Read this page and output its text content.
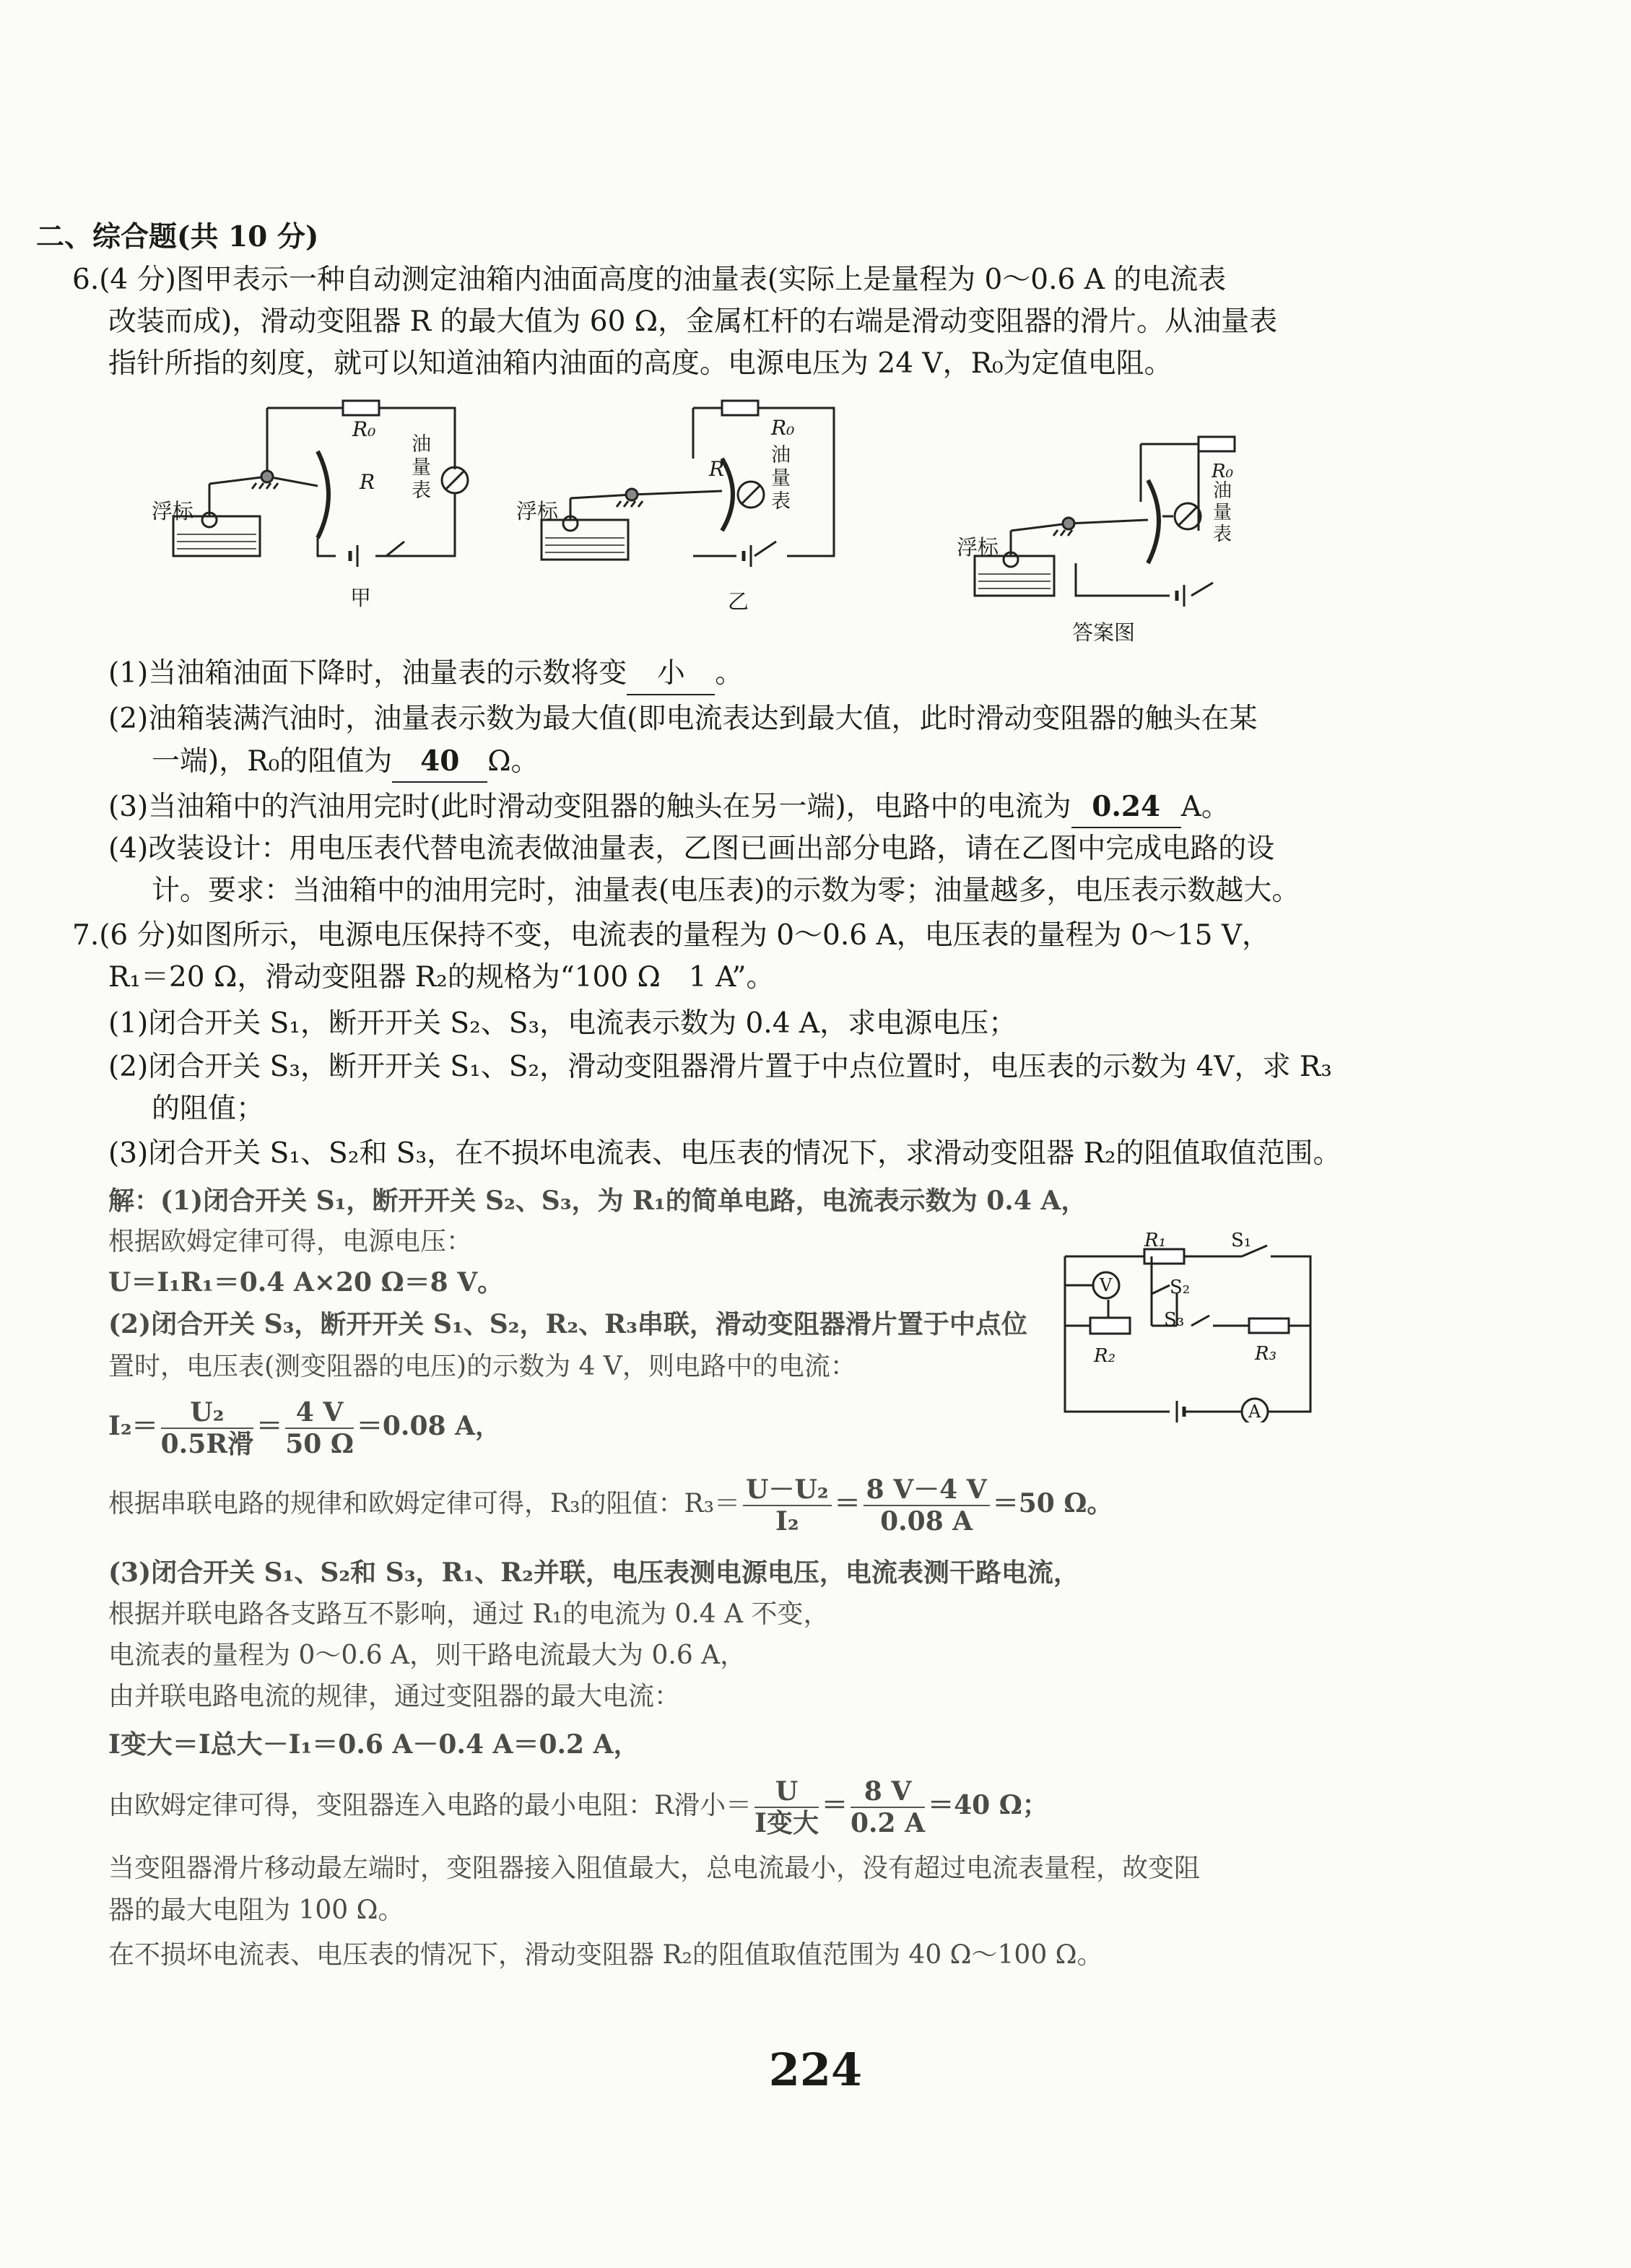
二、综合题(共 10 分)
6.(4 分)图甲表示一种自动测定油箱内油面高度的油量表(实际上是量程为 0～0.6 A 的电流表
改装而成)，滑动变阻器 R 的最大值为 60 Ω，金属杠杆的右端是滑动变阻器的滑片。从油量表
指针所指的刻度，就可以知道油箱内油面的高度。电源电压为 24 V，R₀为定值电阻。
R₀
R
油
量
表
浮标
甲
R₀
R
油
量
表
浮标
乙
R₀
油
量
表
浮标
答案图
(1)当油箱油面下降时，油量表的示数将变 小 。
(2)油箱装满汽油时，油量表示数为最大值(即电流表达到最大值，此时滑动变阻器的触头在某
一端)，R₀的阻值为 40 Ω。
(3)当油箱中的汽油用完时(此时滑动变阻器的触头在另一端)，电路中的电流为 0.24 A。
(4)改装设计：用电压表代替电流表做油量表，乙图已画出部分电路，请在乙图中完成电路的设
计。要求：当油箱中的油用完时，油量表(电压表)的示数为零；油量越多，电压表示数越大。
7.(6 分)如图所示，电源电压保持不变，电流表的量程为 0～0.6 A，电压表的量程为 0～15 V，
R₁＝20 Ω，滑动变阻器 R₂的规格为“100 Ω　1 A”。
(1)闭合开关 S₁，断开开关 S₂、S₃，电流表示数为 0.4 A，求电源电压；
(2)闭合开关 S₃，断开开关 S₁、S₂，滑动变阻器滑片置于中点位置时，电压表的示数为 4V，求 R₃
的阻值；
(3)闭合开关 S₁、S₂和 S₃，在不损坏电流表、电压表的情况下，求滑动变阻器 R₂的阻值取值范围。
解：(1)闭合开关 S₁，断开开关 S₂、S₃，为 R₁的简单电路，电流表示数为 0.4 A，
根据欧姆定律可得，电源电压：
U＝I₁R₁＝0.4 A×20 Ω＝8 V。
(2)闭合开关 S₃，断开开关 S₁、S₂，R₂、R₃串联，滑动变阻器滑片置于中点位
置时，电压表(测变阻器的电压)的示数为 4 V，则电路中的电流：
$I_2= \frac{\text{U₂}}{\text{0.5R滑}} = \frac{4 V}{50 \Omega} =0.08$ A，
根据串联电路的规律和欧姆定律可得，R₃的阻值：$R_3= \frac{\text{U－U₂}}{\text{I₂}} = \frac{8 V-4 V}{0.08 A} =50$ Ω。
(3)闭合开关 S₁、S₂和 S₃，R₁、R₂并联，电压表测电源电压，电流表测干路电流，
根据并联电路各支路互不影响，通过 R₁的电流为 0.4 A 不变，
电流表的量程为 0～0.6 A，则干路电流最大为 0.6 A，
由并联电路电流的规律，通过变阻器的最大电流：
I变大＝I总大－I₁＝0.6 A－0.4 A＝0.2 A，
由欧姆定律可得，变阻器连入电路的最小电阻：R滑小＝ $\frac{U}{\text{I变大}} = \frac{8 V}{0.2 A} =40$ Ω；
当变阻器滑片移动最左端时，变阻器接入阻值最大，总电流最小，没有超过电流表量程，故变阻
器的最大电阻为 100 Ω。
在不损坏电流表、电压表的情况下，滑动变阻器 R₂的阻值取值范围为 40 Ω～100 Ω。
R₁	S₁
S₂
S₃
R₂	R₃
V
A
224
